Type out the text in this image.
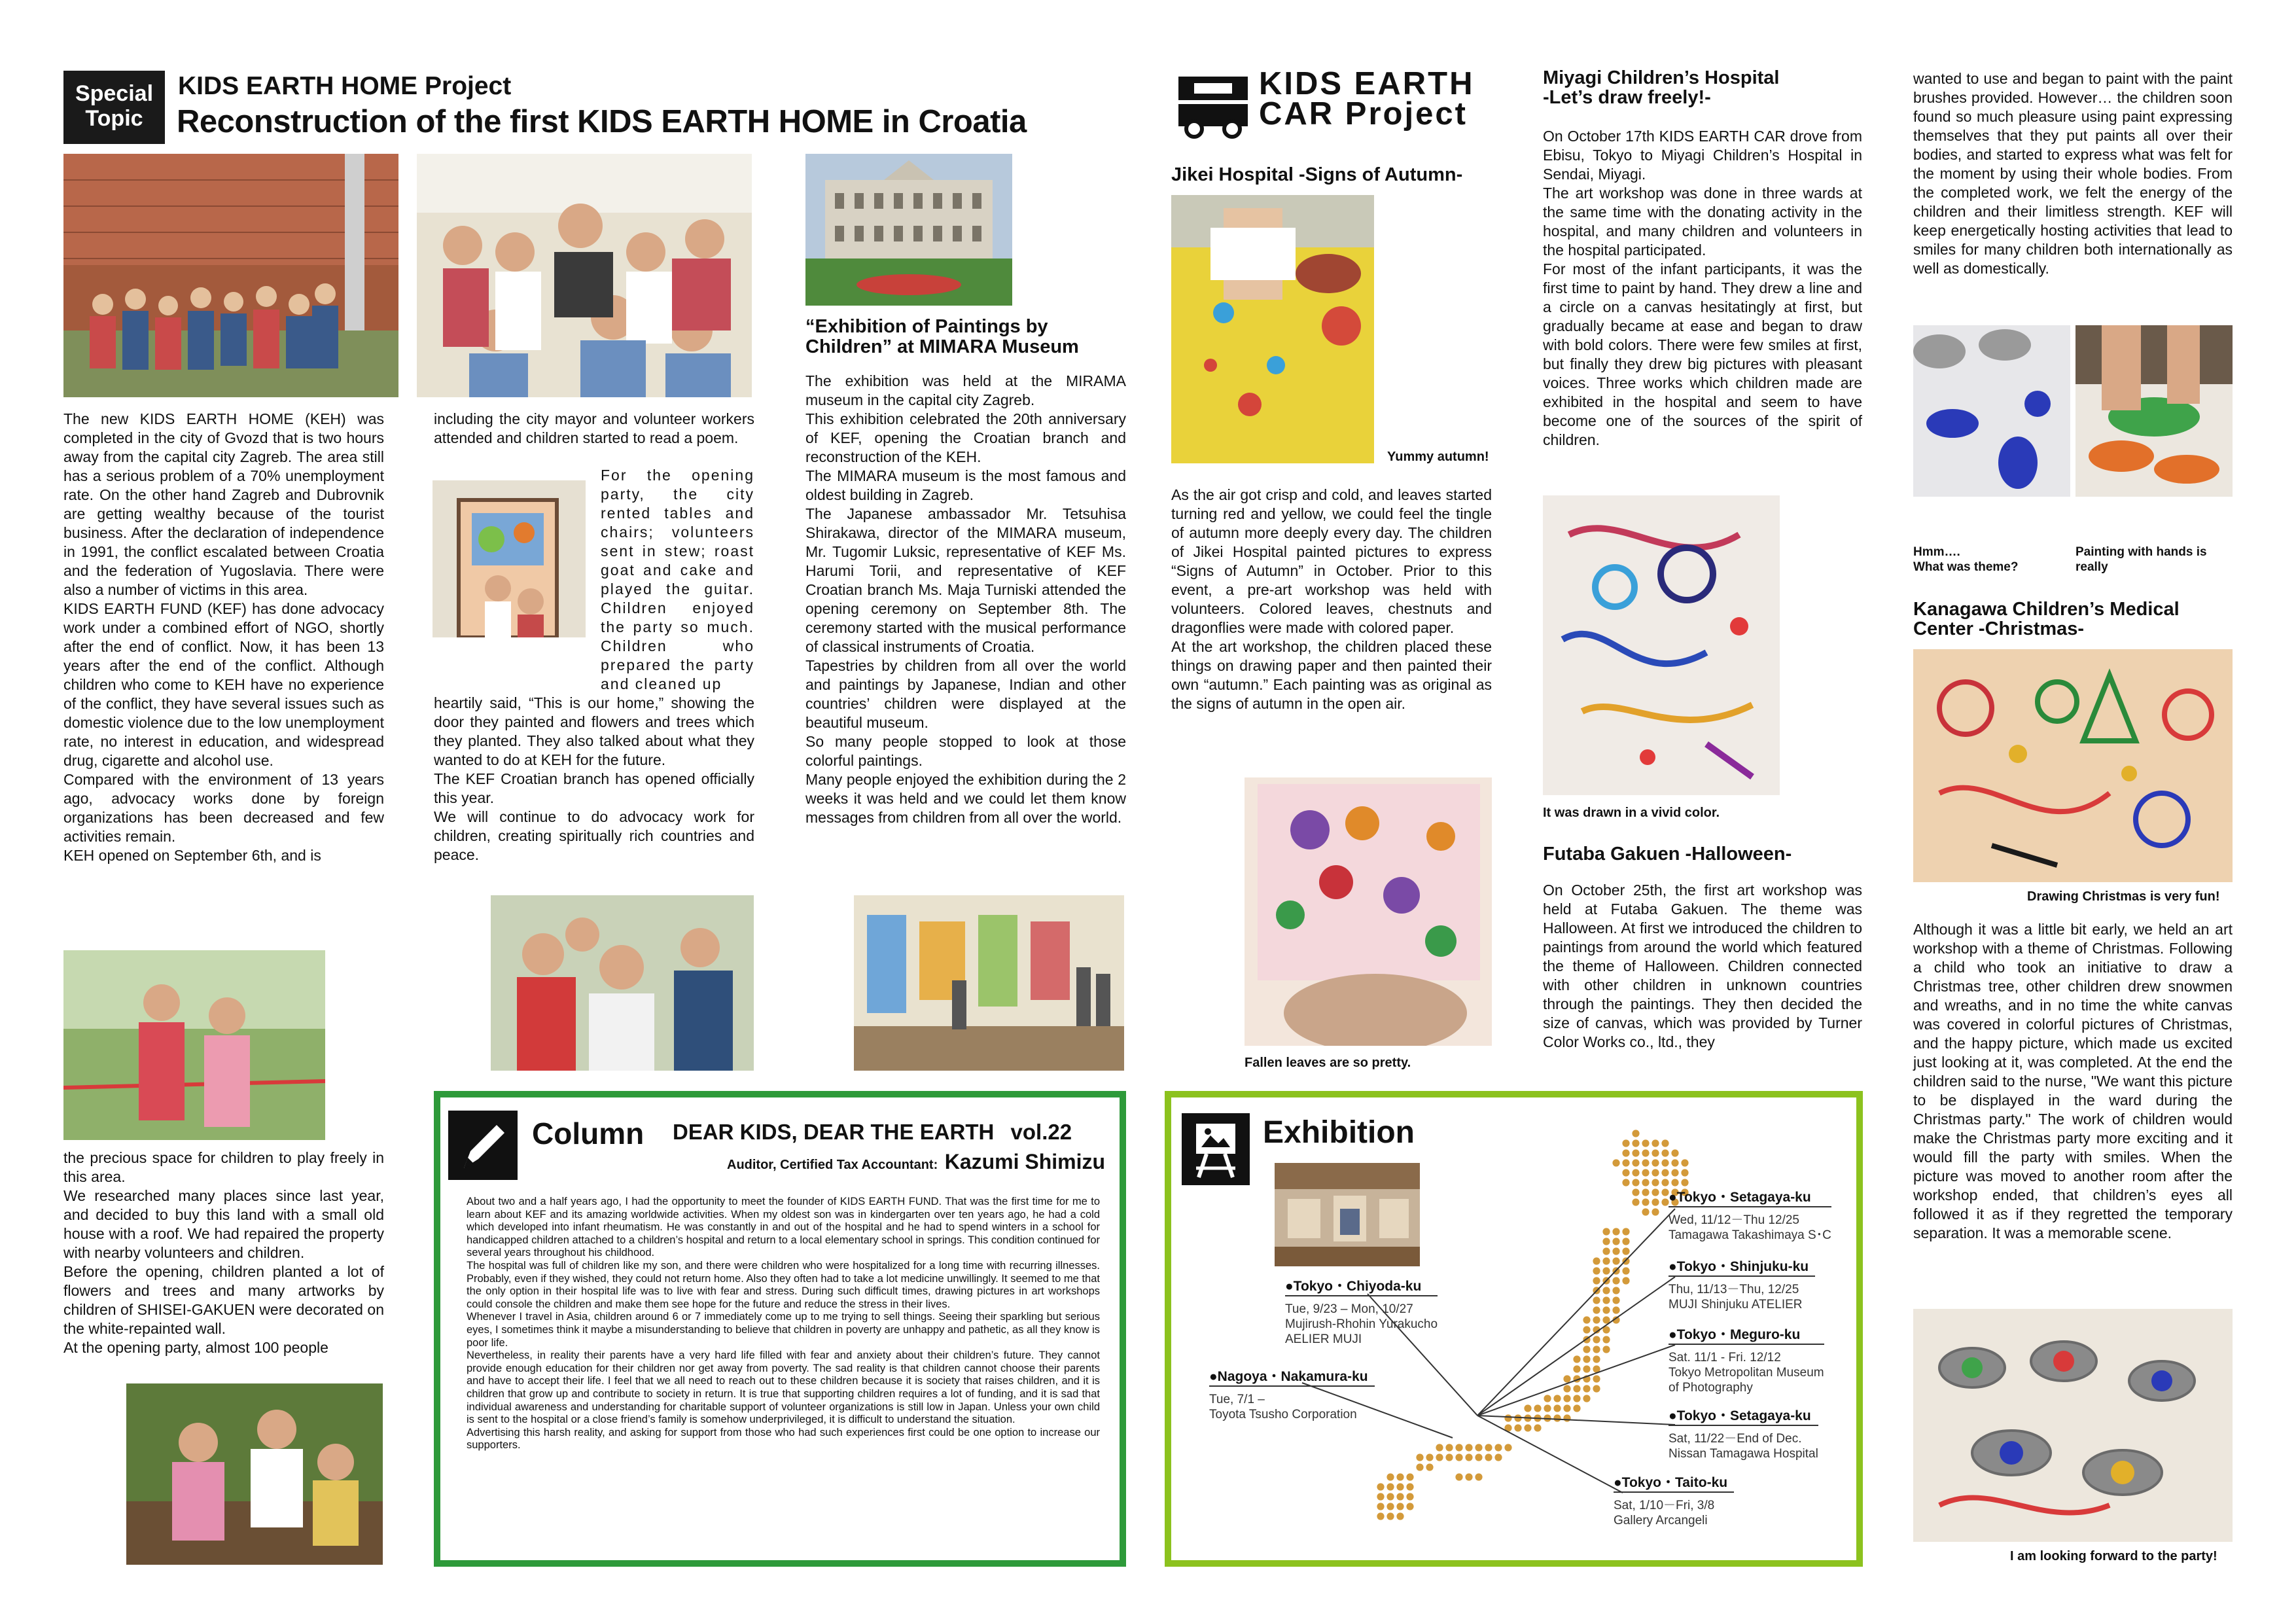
Special
Topic
KIDS EARTH HOME Project
Reconstruction of the first KIDS EARTH HOME in Croatia

The new KIDS EARTH HOME (KEH) was completed in the city of Gvozd that is two hours away from the capital city Zagreb. The area still has a serious problem of a 70% unemployment rate. On the other hand Zagreb and Dubrovnik are getting wealthy because of the tourist business. After the declaration of independence in 1991, the conflict escalated between Croatia and the federation of Yugoslavia. There were also a number of victims in this area.

KIDS EARTH FUND (KEF) has done advocacy work under a combined effort of NGO, shortly after the end of conflict. Now, it has been 13 years after the end of the conflict. Although children who come to KEH have no experience of the conflict, they have several issues such as domestic violence due to the low unemployment rate, no interest in education, and widespread drug, cigarette and alcohol use.

Compared with the environment of 13 years ago, advocacy works done by foreign organizations has been decreased and few activities remain.

KEH opened on September 6th, and is

the precious space for children to play freely in this area.

We researched many places since last year, and decided to buy this land with a small old house with a roof. We had repaired the property with nearby volunteers and children.

Before the opening, children planted a lot of flowers and trees and many artworks by children of SHISEI-GAKUEN were decorated on the white-repainted wall.

At the opening party, almost 100 people

including the city mayor and volunteer workers attended and children started to read a poem.

For the opening party, the city rented tables and chairs; volunteers sent in stew; roast goat and cake and played the guitar. Children enjoyed the party so much. Children who prepared the party and cleaned up

heartily said, “This is our home,” showing the door they painted and flowers and trees which they planted. They also talked about what they wanted to do at KEH for the future.

The KEF Croatian branch has opened officially this year.

We will continue to do advocacy work for children, creating spiritually rich countries and peace.

“Exhibition of Paintings by Children” at MIMARA Museum

The exhibition was held at the MIRAMA museum in the capital city Zagreb.

This exhibition celebrated the 20th anniversary of KEF, opening the Croatian branch and reconstruction of the KEH.

The MIMARA museum is the most famous and oldest building in Zagreb.

The Japanese ambassador Mr. Tetsuhisa Shirakawa, director of the MIMARA museum, Mr. Tugomir Luksic, representative of KEF Ms. Harumi Torii, and representative of KEF Croatian branch Ms. Maja Turniski attended the opening ceremony on September 8th. The ceremony started with the musical performance of classical instruments of Croatia.

Tapestries by children from all over the world and paintings by Japanese, Indian and other countries’ children were displayed at the beautiful museum.

So many people stopped to look at those colorful paintings.

Many people enjoyed the exhibition during the 2 weeks it was held and we could let them know messages from children from all over the world.

Column DEAR KIDS, DEAR THE EARTH vol.22
Auditor, Certified Tax Accountant: Kazumi Shimizu

About two and a half years ago, I had the opportunity to meet the founder of KIDS EARTH FUND. That was the first time for me to learn about KEF and its amazing worldwide activities. When my oldest son was in kindergarten over ten years ago, he had a cold which developed into infant rheumatism. He was constantly in and out of the hospital and he had to spend winters in a school for handicapped children attached to a children’s hospital and return to a local elementary school in springs. This condition continued for several years throughout his childhood.

The hospital was full of children like my son, and there were children who were hospitalized for a long time with recurring illnesses. Probably, even if they wished, they could not return home. Also they often had to take a lot medicine unwillingly. It seemed to me that the only option in their hospital life was to live with fear and stress. During such difficult times, drawing pictures in art workshops could console the children and make them see hope for the future and reduce the stress in their lives.

Whenever I travel in Asia, children around 6 or 7 immediately come up to me trying to sell things. Seeing their sparkling but serious eyes, I sometimes think it maybe a misunderstanding to believe that children in poverty are unhappy and pathetic, as all they know is poor life.

Nevertheless, in reality their parents have a very hard life filled with fear and anxiety about their children’s future. They cannot provide enough education for their children nor get away from poverty. The sad reality is that children cannot choose their parents and have to accept their life. I feel that we all need to reach out to these children because it is society that raises children, and it is children that grow up and contribute to society in return. It is true that supporting children requires a lot of funding, and it is sad that individual awareness and understanding for charitable support of volunteer organizations is still low in Japan. Unless your own child is sent to the hospital or a close friend’s family is somehow underprivileged, it is difficult to understand the situation.

Advertising this harsh reality, and asking for support from those who had such experiences first could be one option to increase our supporters.

KIDS EARTH
CAR Project
Jikei Hospital -Signs of Autumn-
Yummy autumn!

As the air got crisp and cold, and leaves started turning red and yellow, we could feel the tingle of autumn more deeply every day. The children of Jikei Hospital painted pictures to express “Signs of Autumn” in October. Prior to this event, a pre-art workshop was held with volunteers. Colored leaves, chestnuts and dragonflies were made with colored paper.

At the art workshop, the children placed these things on drawing paper and then painted their own “autumn.” Each painting was as original as the signs of autumn in the open air.

Fallen leaves are so pretty.
Miyagi Children’s Hospital
-Let’s draw freely!-

On October 17th KIDS EARTH CAR drove from Ebisu, Tokyo to Miyagi Children’s Hospital in Sendai, Miyagi.

The art workshop was done in three wards at the same time with the donating activity in the hospital, and many children and volunteers in the hospital participated.

For most of the infant participants, it was the first time to paint by hand. They drew a line and a circle on a canvas hesitatingly at first, but gradually became at ease and began to draw with bold colors. There were few smiles at first, but finally they drew big pictures with pleasant voices. Three works which children made are exhibited in the hospital and seem to have become one of the sources of the spirit of children.

It was drawn in a vivid color.
Futaba Gakuen -Halloween-

On October 25th, the first art workshop was held at Futaba Gakuen. The theme was Halloween. At first we introduced the children to paintings from around the world which featured the theme of Halloween. Children connected with other children in unknown countries through the paintings. They then decided the size of canvas, which was provided by Turner Color Works co., ltd., they

wanted to use and began to paint with the paint brushes provided. However… the children soon found so much pleasure using paint expressing themselves that they put paints all over their bodies, and started to express what was felt for the moment by using their whole bodies. From the completed work, we felt the energy of the children and their limitless strength. KEF will keep energetically hosting activities that lead to smiles for many children both internationally as well as domestically.

Hmm….
What was theme?
Painting with hands is
really
Kanagawa Children’s Medical
Center -Christmas-
Drawing Christmas is very fun!

Although it was a little bit early, we held an art workshop with a theme of Christmas. Following a child who took an initiative to draw a Christmas tree, other children drew snowmen and wreaths, and in no time the white canvas was covered in colorful pictures of Christmas, and the happy picture, which made us excited just looking at it, was completed. At the end the children said to the nurse, "We want this picture to be displayed in the ward during the Christmas party." The work of children would make the Christmas party more exciting and it would fill the party with smiles. When the picture was moved to another room after the workshop ended, that children’s eyes all followed it as if they regretted the temporary separation. It was a memorable scene.

I am looking forward to the party!
Exhibition
●Tokyo・Chiyoda-ku
Tue, 9/23 – Mon, 10/27
Mujirush-Rhohin Yurakucho
AELIER MUJI
●Nagoya・Nakamura-ku
Tue, 7/1 –
Toyota Tsusho Corporation
●Tokyo・Setagaya-ku
Wed, 11/12－Thu 12/25
Tamagawa Takashimaya S･C
●Tokyo・Shinjuku-ku
Thu, 11/13－Thu, 12/25
MUJI Shinjuku ATELIER
●Tokyo・Meguro-ku
Sat. 11/1 - Fri. 12/12
Tokyo Metropolitan Museum
of Photography
●Tokyo・Setagaya-ku
Sat, 11/22－End of Dec.
Nissan Tamagawa Hospital
●Tokyo・Taito-ku
Sat, 1/10－Fri, 3/8
Gallery Arcangeli
